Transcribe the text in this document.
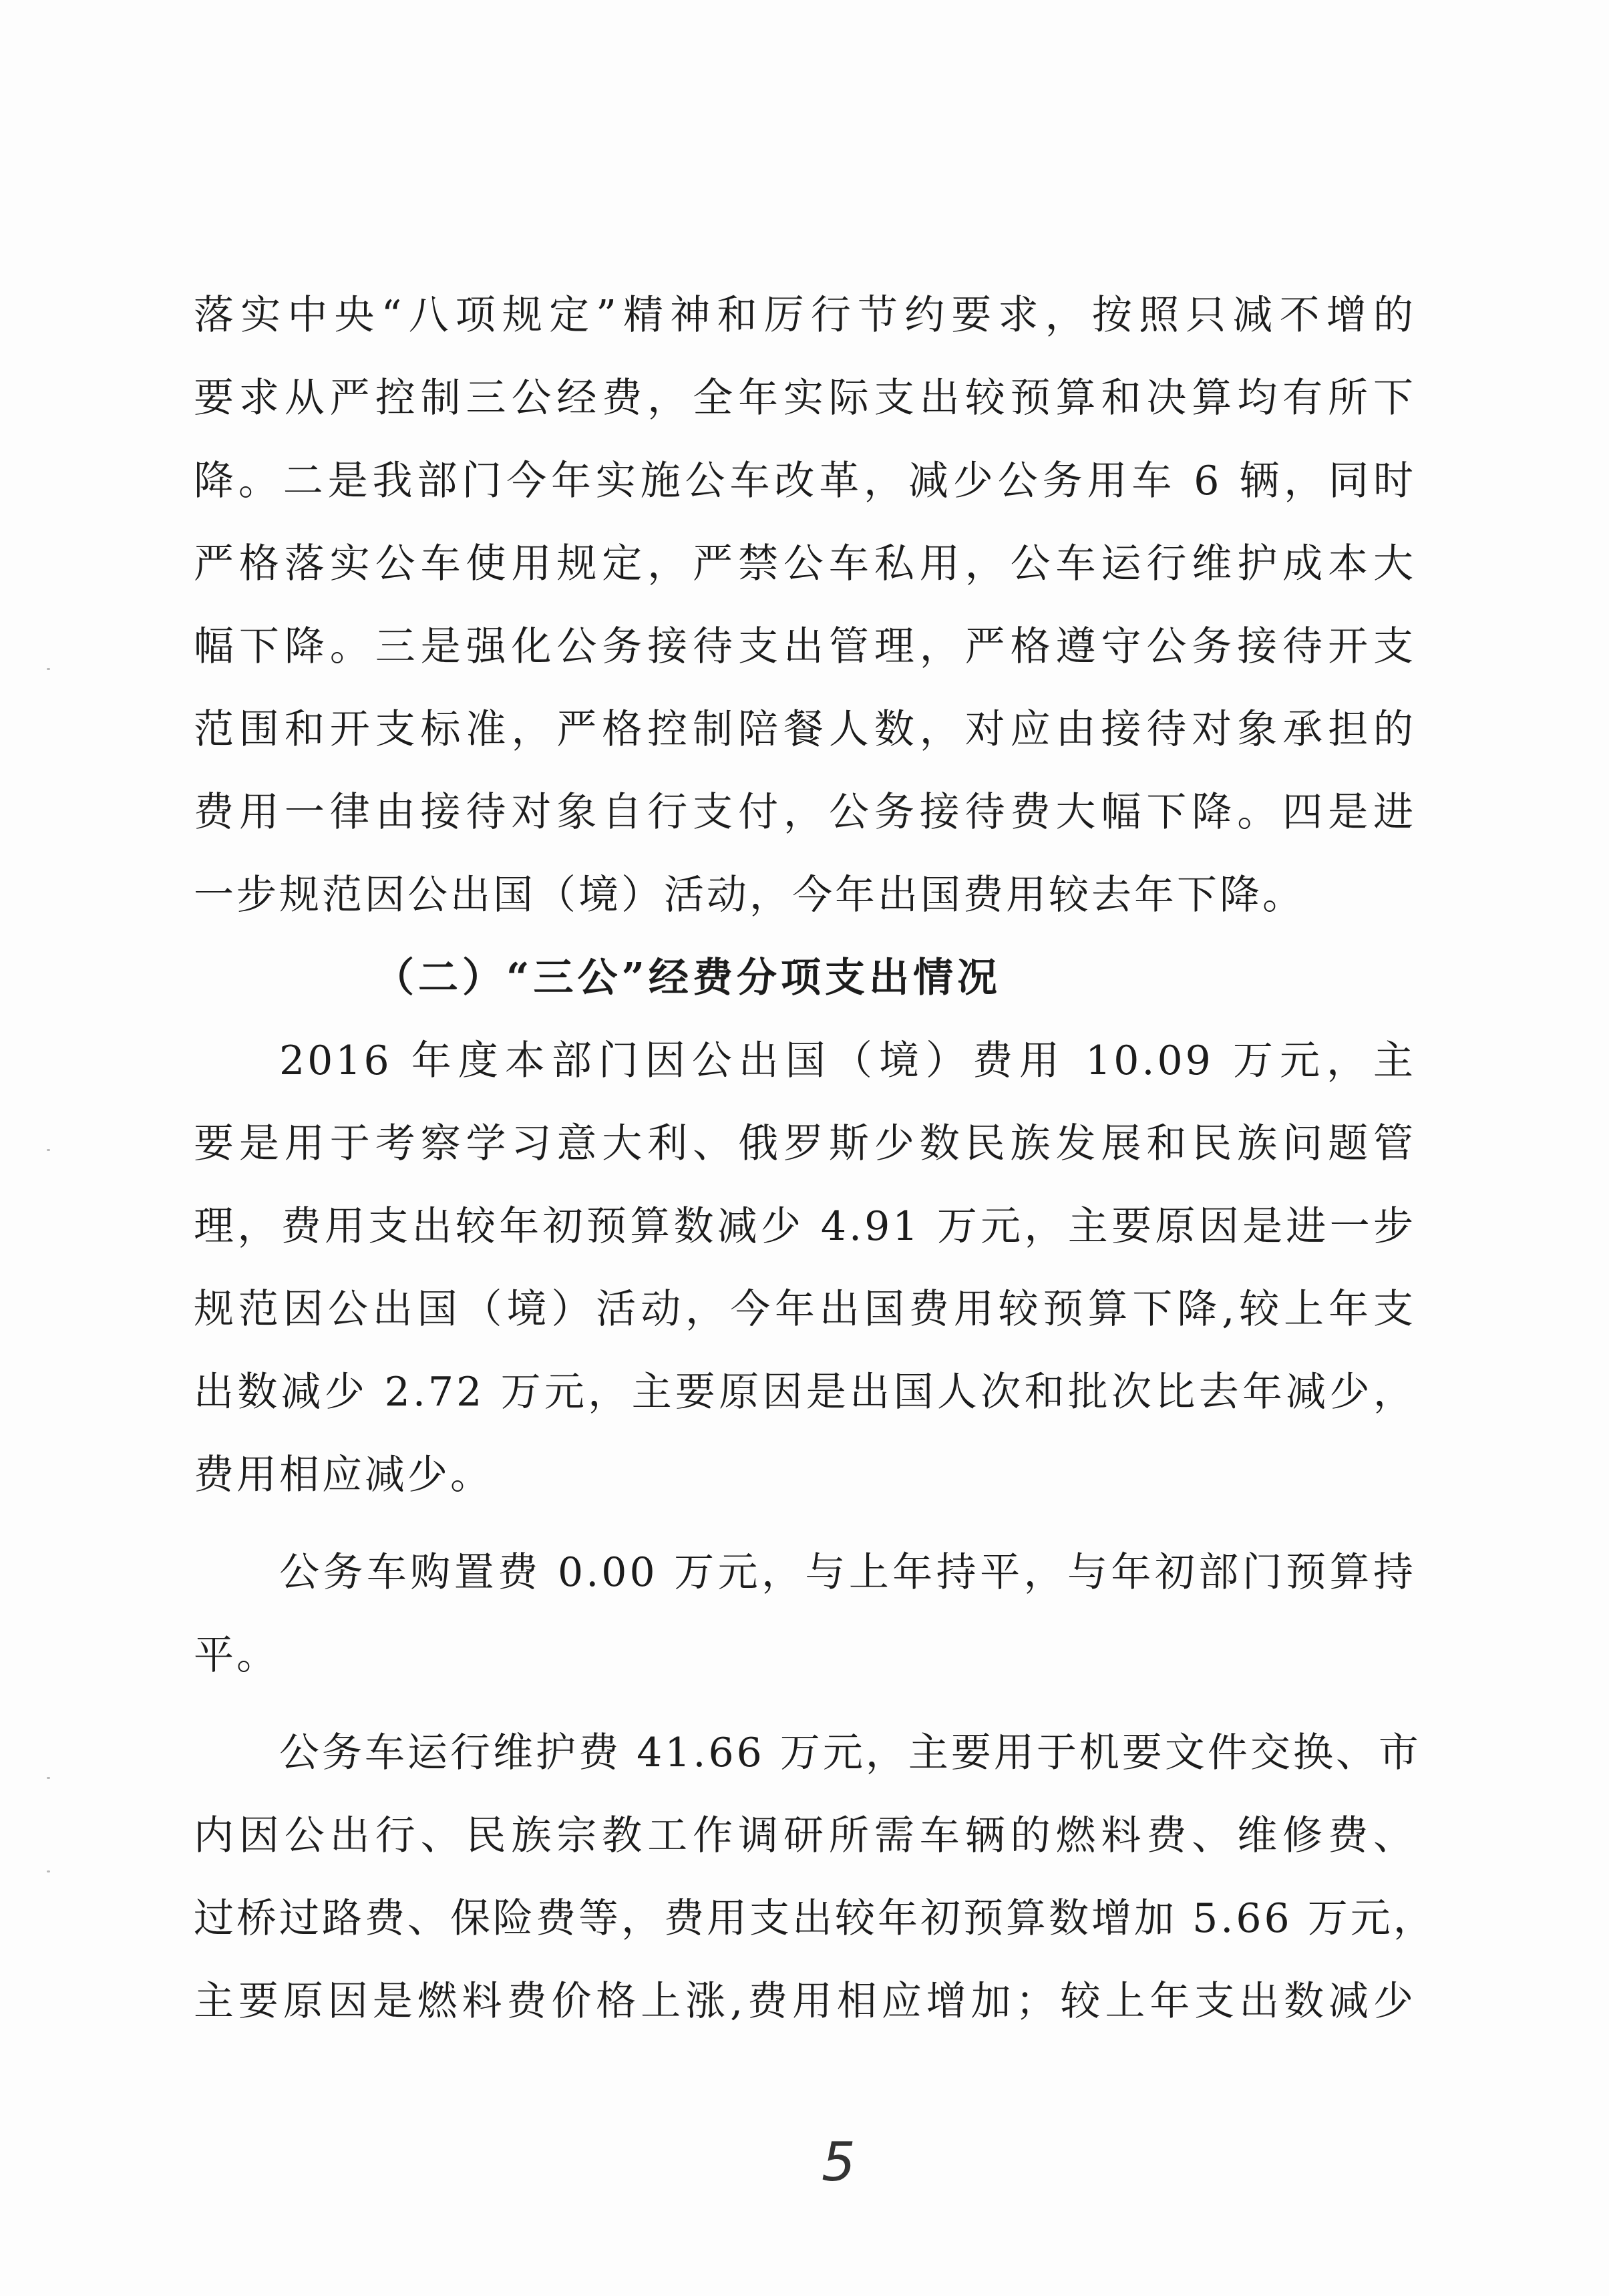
落实中央“八项规定”精神和厉行节约要求，按照只减不增的
要求从严控制三公经费，全年实际支出较预算和决算均有所下
降。二是我部门今年实施公车改革，减少公务用车 6 辆，同时
严格落实公车使用规定，严禁公车私用，公车运行维护成本大
幅下降。三是强化公务接待支出管理，严格遵守公务接待开支
范围和开支标准，严格控制陪餐人数，对应由接待对象承担的
费用一律由接待对象自行支付，公务接待费大幅下降。四是进
一步规范因公出国（境）活动，今年出国费用较去年下降。
（二）“三公”经费分项支出情况
2016 年度本部门因公出国（境）费用 10.09 万元，主
要是用于考察学习意大利、俄罗斯少数民族发展和民族问题管
理，费用支出较年初预算数减少 4.91 万元，主要原因是进一步
规范因公出国（境）活动，今年出国费用较预算下降,较上年支
出数减少 2.72 万元，主要原因是出国人次和批次比去年减少，
费用相应减少。
公务车购置费 0.00 万元，与上年持平，与年初部门预算持
平。
公务车运行维护费 41.66 万元，主要用于机要文件交换、市
内因公出行、民族宗教工作调研所需车辆的燃料费、维修费、
过桥过路费、保险费等，费用支出较年初预算数增加 5.66 万元，
主要原因是燃料费价格上涨,费用相应增加；较上年支出数减少
5
